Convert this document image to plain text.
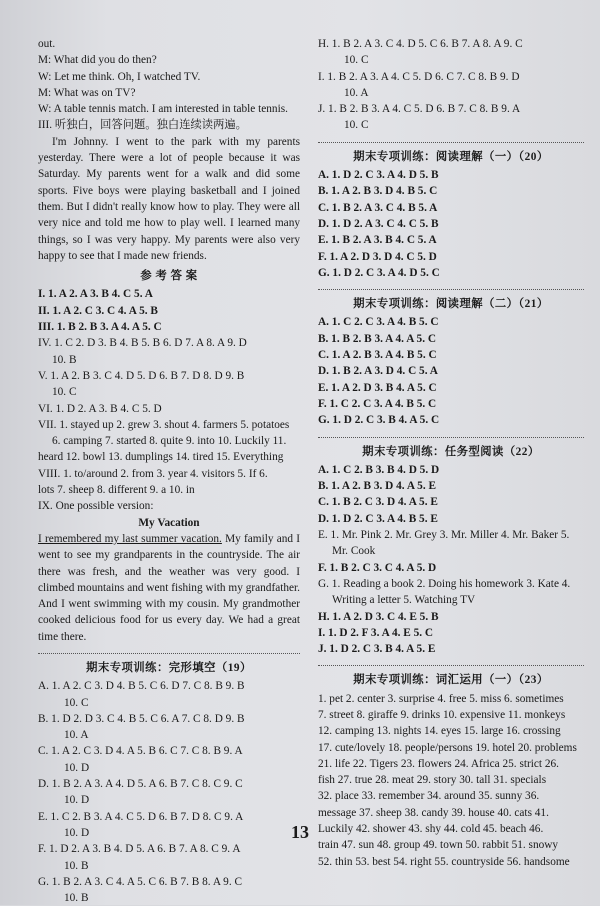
out.
M: What did you do then?
W: Let me think. Oh, I watched TV.
M: What was on TV?
W: A table tennis match. I am interested in table tennis.
III. 听独白，回答问题。独白连续读两遍。
I'm Johnny. I went to the park with my parents yesterday. There were a lot of people because it was Saturday. My parents went for a walk and did some sports. Five boys were playing basketball and I joined them. But I didn't really know how to play. They were all very nice and told me how to play well. I learned many things, so I was very happy. My parents were also very happy to see that I made new friends.
参 考 答 案
I. 1. A 2. A 3. B 4. C 5. A
II. 1. A 2. C 3. C 4. A 5. B
III. 1. B 2. B 3. A 4. A 5. C
IV. 1. C 2. D 3. B 4. B 5. B 6. D 7. A 8. A 9. D
10. B
V. 1. A 2. B 3. C 4. D 5. D 6. B 7. D 8. D 9. B
10. C
VI. 1. D 2. A 3. B 4. C 5. D
VII. 1. stayed up 2. grew 3. shout 4. farmers 5. potatoes
6. camping 7. started 8. quite 9. into 10. Luckily 11.
heard 12. bowl 13. dumplings 14. tired 15. Everything
VIII. 1. to/around 2. from 3. year 4. visitors 5. If 6.
lots 7. sheep 8. different 9. a 10. in
IX. One possible version:
My Vacation
I remembered my last summer vacation. My family and I went to see my grandparents in the countryside. The air there was fresh, and the weather was very good. I climbed mountains and went fishing with my grandfather. And I went swimming with my cousin. My grandmother cooked delicious food for us every day. We had a great time there.
期末专项训练：完形填空（19）
A. 1. A 2. C 3. D 4. B 5. C 6. D 7. C 8. B 9. B
10. C
B. 1. D 2. D 3. C 4. B 5. C 6. A 7. C 8. D 9. B
10. A
C. 1. A 2. C 3. D 4. A 5. B 6. C 7. C 8. B 9. A
10. D
D. 1. B 2. A 3. A 4. D 5. A 6. B 7. C 8. C 9. C
10. D
E. 1. C 2. B 3. A 4. C 5. D 6. B 7. D 8. C 9. A
10. D
F. 1. D 2. A 3. B 4. D 5. A 6. B 7. A 8. C 9. A
10. B
G. 1. B 2. A 3. C 4. A 5. C 6. B 7. B 8. A 9. C
10. B
H. 1. B 2. A 3. C 4. D 5. C 6. B 7. A 8. A 9. C
10. C
I. 1. B 2. A 3. A 4. C 5. D 6. C 7. C 8. B 9. D
10. A
J. 1. B 2. B 3. A 4. C 5. D 6. B 7. C 8. B 9. A
10. C
期末专项训练：阅读理解（一）（20）
A. 1. D 2. C 3. A 4. D 5. B
B. 1. A 2. B 3. D 4. B 5. C
C. 1. B 2. A 3. C 4. B 5. A
D. 1. D 2. A 3. C 4. C 5. B
E. 1. B 2. A 3. B 4. C 5. A
F. 1. A 2. D 3. D 4. C 5. D
G. 1. D 2. C 3. A 4. D 5. C
期末专项训练：阅读理解（二）（21）
A. 1. C 2. C 3. A 4. B 5. C
B. 1. B 2. B 3. A 4. A 5. C
C. 1. A 2. B 3. A 4. B 5. C
D. 1. B 2. A 3. D 4. C 5. A
E. 1. A 2. D 3. B 4. A 5. C
F. 1. C 2. C 3. A 4. B 5. C
G. 1. D 2. C 3. B 4. A 5. C
期末专项训练：任务型阅读（22）
A. 1. C 2. B 3. B 4. D 5. D
B. 1. A 2. B 3. D 4. A 5. E
C. 1. B 2. C 3. D 4. A 5. E
D. 1. D 2. C 3. A 4. B 5. E
E. 1. Mr. Pink 2. Mr. Grey 3. Mr. Miller 4. Mr. Baker 5.
Mr. Cook
F. 1. B 2. C 3. C 4. A 5. D
G. 1. Reading a book 2. Doing his homework 3. Kate 4.
Writing a letter 5. Watching TV
H. 1. A 2. D 3. C 4. E 5. B
I. 1. D 2. F 3. A 4. E 5. C
J. 1. D 2. C 3. B 4. A 5. E
期末专项训练：词汇运用（一）（23）
1. pet 2. center 3. surprise 4. free 5. miss 6. sometimes
7. street 8. giraffe 9. drinks 10. expensive 11. monkeys
12. camping 13. nights 14. eyes 15. large 16. crossing
17. cute/lovely 18. people/persons 19. hotel 20. problems
21. life 22. Tigers 23. flowers 24. Africa 25. strict 26.
fish 27. true 28. meat 29. story 30. tall 31. specials
32. place 33. remember 34. around 35. sunny 36.
message 37. sheep 38. candy 39. house 40. cats 41.
Luckily 42. shower 43. shy 44. cold 45. beach 46.
train 47. sun 48. group 49. town 50. rabbit 51. snowy
52. thin 53. best 54. right 55. countryside 56. handsome
13
